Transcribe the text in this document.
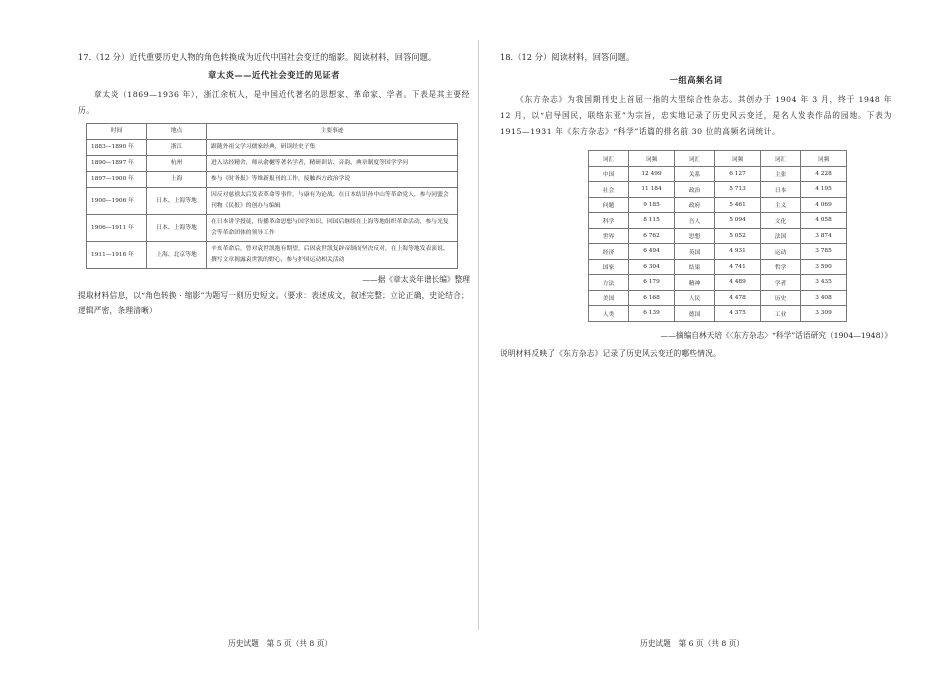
17.（12 分）近代重要历史人物的角色转换成为近代中国社会变迁的缩影。阅读材料，回答问题。
章太炎——近代社会变迁的见证者
章太炎（1869—1936 年），浙江余杭人，是中国近代著名的思想家、革命家、学者。下表是其主要经历。
时间	地点	主要事迹
1883—1890 年	浙江	跟随外祖父学习儒家经典，研读经史子集
1890—1897 年	杭州	进入诂经精舍，师从俞樾等著名学者，精研训诂、音韵、典章制度等国学学问
1897—1900 年	上海	参与《时务报》等维新报刊的工作，接触西方政治学说
1900—1906 年	日本、上海等地	因反对慈禧太后发表革命等事件，与康有为论战。在日本结识孙中山等革命党人，参与同盟会刊物《民报》的创办与编辑
1906—1911 年	日本、上海等地	在日本讲学授徒，传播革命思想与国学知识，回国后继续在上海等地组织革命活动，参与光复会等革命团体的领导工作
1911—1916 年	上海、北京等地	辛亥革命后，曾对袁世凯抱有期望，后因袁世凯复辟帝制而坚决反对，在上海等地发表演说、撰写文章揭露袁世凯的野心，参与护国运动相关活动
——据《章太炎年谱长编》整理
提取材料信息，以“角色转换 · 缩影”为题写一则历史短文。（要求：表述成文，叙述完整；立论正确，史论结合；逻辑严密，条理清晰）
历史试题　第 5 页（共 8 页）
18.（12 分）阅读材料，回答问题。
一组高频名词
《东方杂志》为我国期刊史上首屈一指的大型综合性杂志。其创办于 1904 年 3 月，终于 1948 年 12 月，以“启导国民，联络东亚”为宗旨，忠实地记录了历史风云变迁，是名人发表作品的园地。下表为 1915—1931 年《东方杂志》“科学”话篇的排名前 30 位的高频名词统计。
词汇	词频	词汇	词频	词汇	词频
中国	12 499	关系	6 127	主张	4 228
社会	11 184	政治	5 713	日本	4 195
问题	9 185	政府	5 461	主义	4 069
科学	8 115	吾人	5 094	文化	4 058
世界	6 762	思想	5 052	法国	3 874
经济	6 494	英国	4 931	运动	3 785
国家	6 304	结果	4 741	哲学	3 590
方法	6 179	精神	4 489	学者	3 435
美国	6 168	人民	4 478	历史	3 408
人类	6 139	德国	4 375	工业	3 309
——摘编自林天培《〈东方杂志〉“科学”话语研究（1904—1948）》
说明材料反映了《东方杂志》记录了历史风云变迁的哪些情况。
历史试题　第 6 页（共 8 页）
